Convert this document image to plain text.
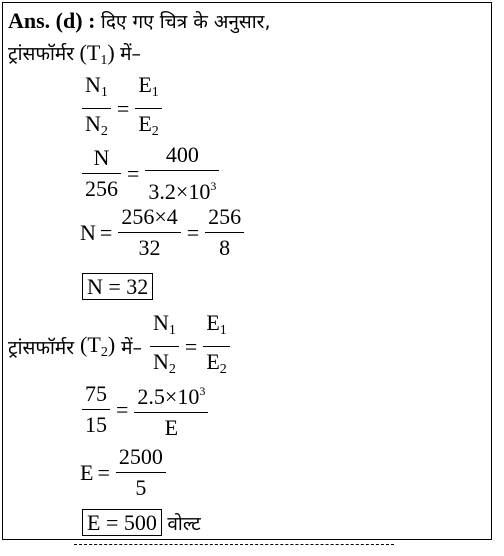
Ans. (d) : दिए गए चित्र के अनुसार,
ट्रांसफॉर्मर $(T_1)$ में–
$\frac{N_1}{N_2} = \frac{E_1}{E_2}$
$\frac{N}{256} = \frac{400}{3.2\times 10^3}$
$N = \frac{256\times 4}{32} = \frac{256}{8}$
N = 32
ट्रांसफॉर्मर $(T_2)$ में– $\frac{N_1}{N_2} = \frac{E_1}{E_2}$
$\frac{75}{15} = \frac{2.5\times 10^3}{E}$
$E = \frac{2500}{5}$
E = 500 वोल्ट
